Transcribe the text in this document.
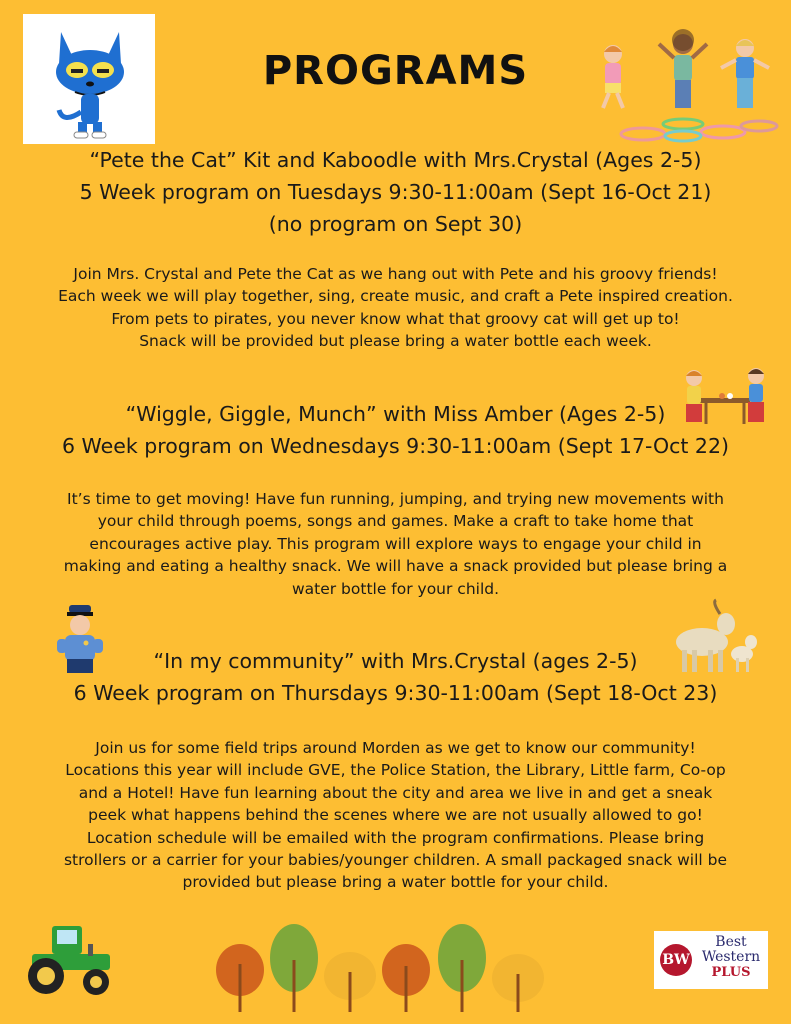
PROGRAMS
“Pete the Cat” Kit and Kaboodle with Mrs.Crystal (Ages 2-5)
5 Week program on Tuesdays 9:30-11:00am (Sept 16-Oct 21)
(no program on Sept 30)
Join Mrs. Crystal and Pete the Cat as we hang out with Pete and his groovy friends!
Each week we will play together, sing, create music, and craft a Pete inspired creation.
From pets to pirates, you never know what that groovy cat will get up to!
Snack will be provided but please bring a water bottle each week.
“Wiggle, Giggle, Munch” with Miss Amber (Ages 2-5)
6 Week program on Wednesdays 9:30-11:00am (Sept 17-Oct 22)
It’s time to get moving! Have fun running, jumping, and trying new movements with
your child through poems, songs and games. Make a craft to take home that
encourages active play. This program will explore ways to engage your child in
making and eating a healthy snack. We will have a snack provided but please bring a
water bottle for your child.
“In my community” with Mrs.Crystal (ages 2-5)
6 Week program on Thursdays 9:30-11:00am (Sept 18-Oct 23)
Join us for some field trips around Morden as we get to know our community!
Locations this year will include GVE, the Police Station, the Library, Little farm, Co-op
and a Hotel! Have fun learning about the city and area we live in and get a sneak
peek what happens behind the scenes where we are not usually allowed to go!
Location schedule will be emailed with the program confirmations. Please bring
strollers or a carrier for your babies/younger children. A small packaged snack will be
provided but please bring a water bottle for your child.
BW
Best
Western
PLUS
